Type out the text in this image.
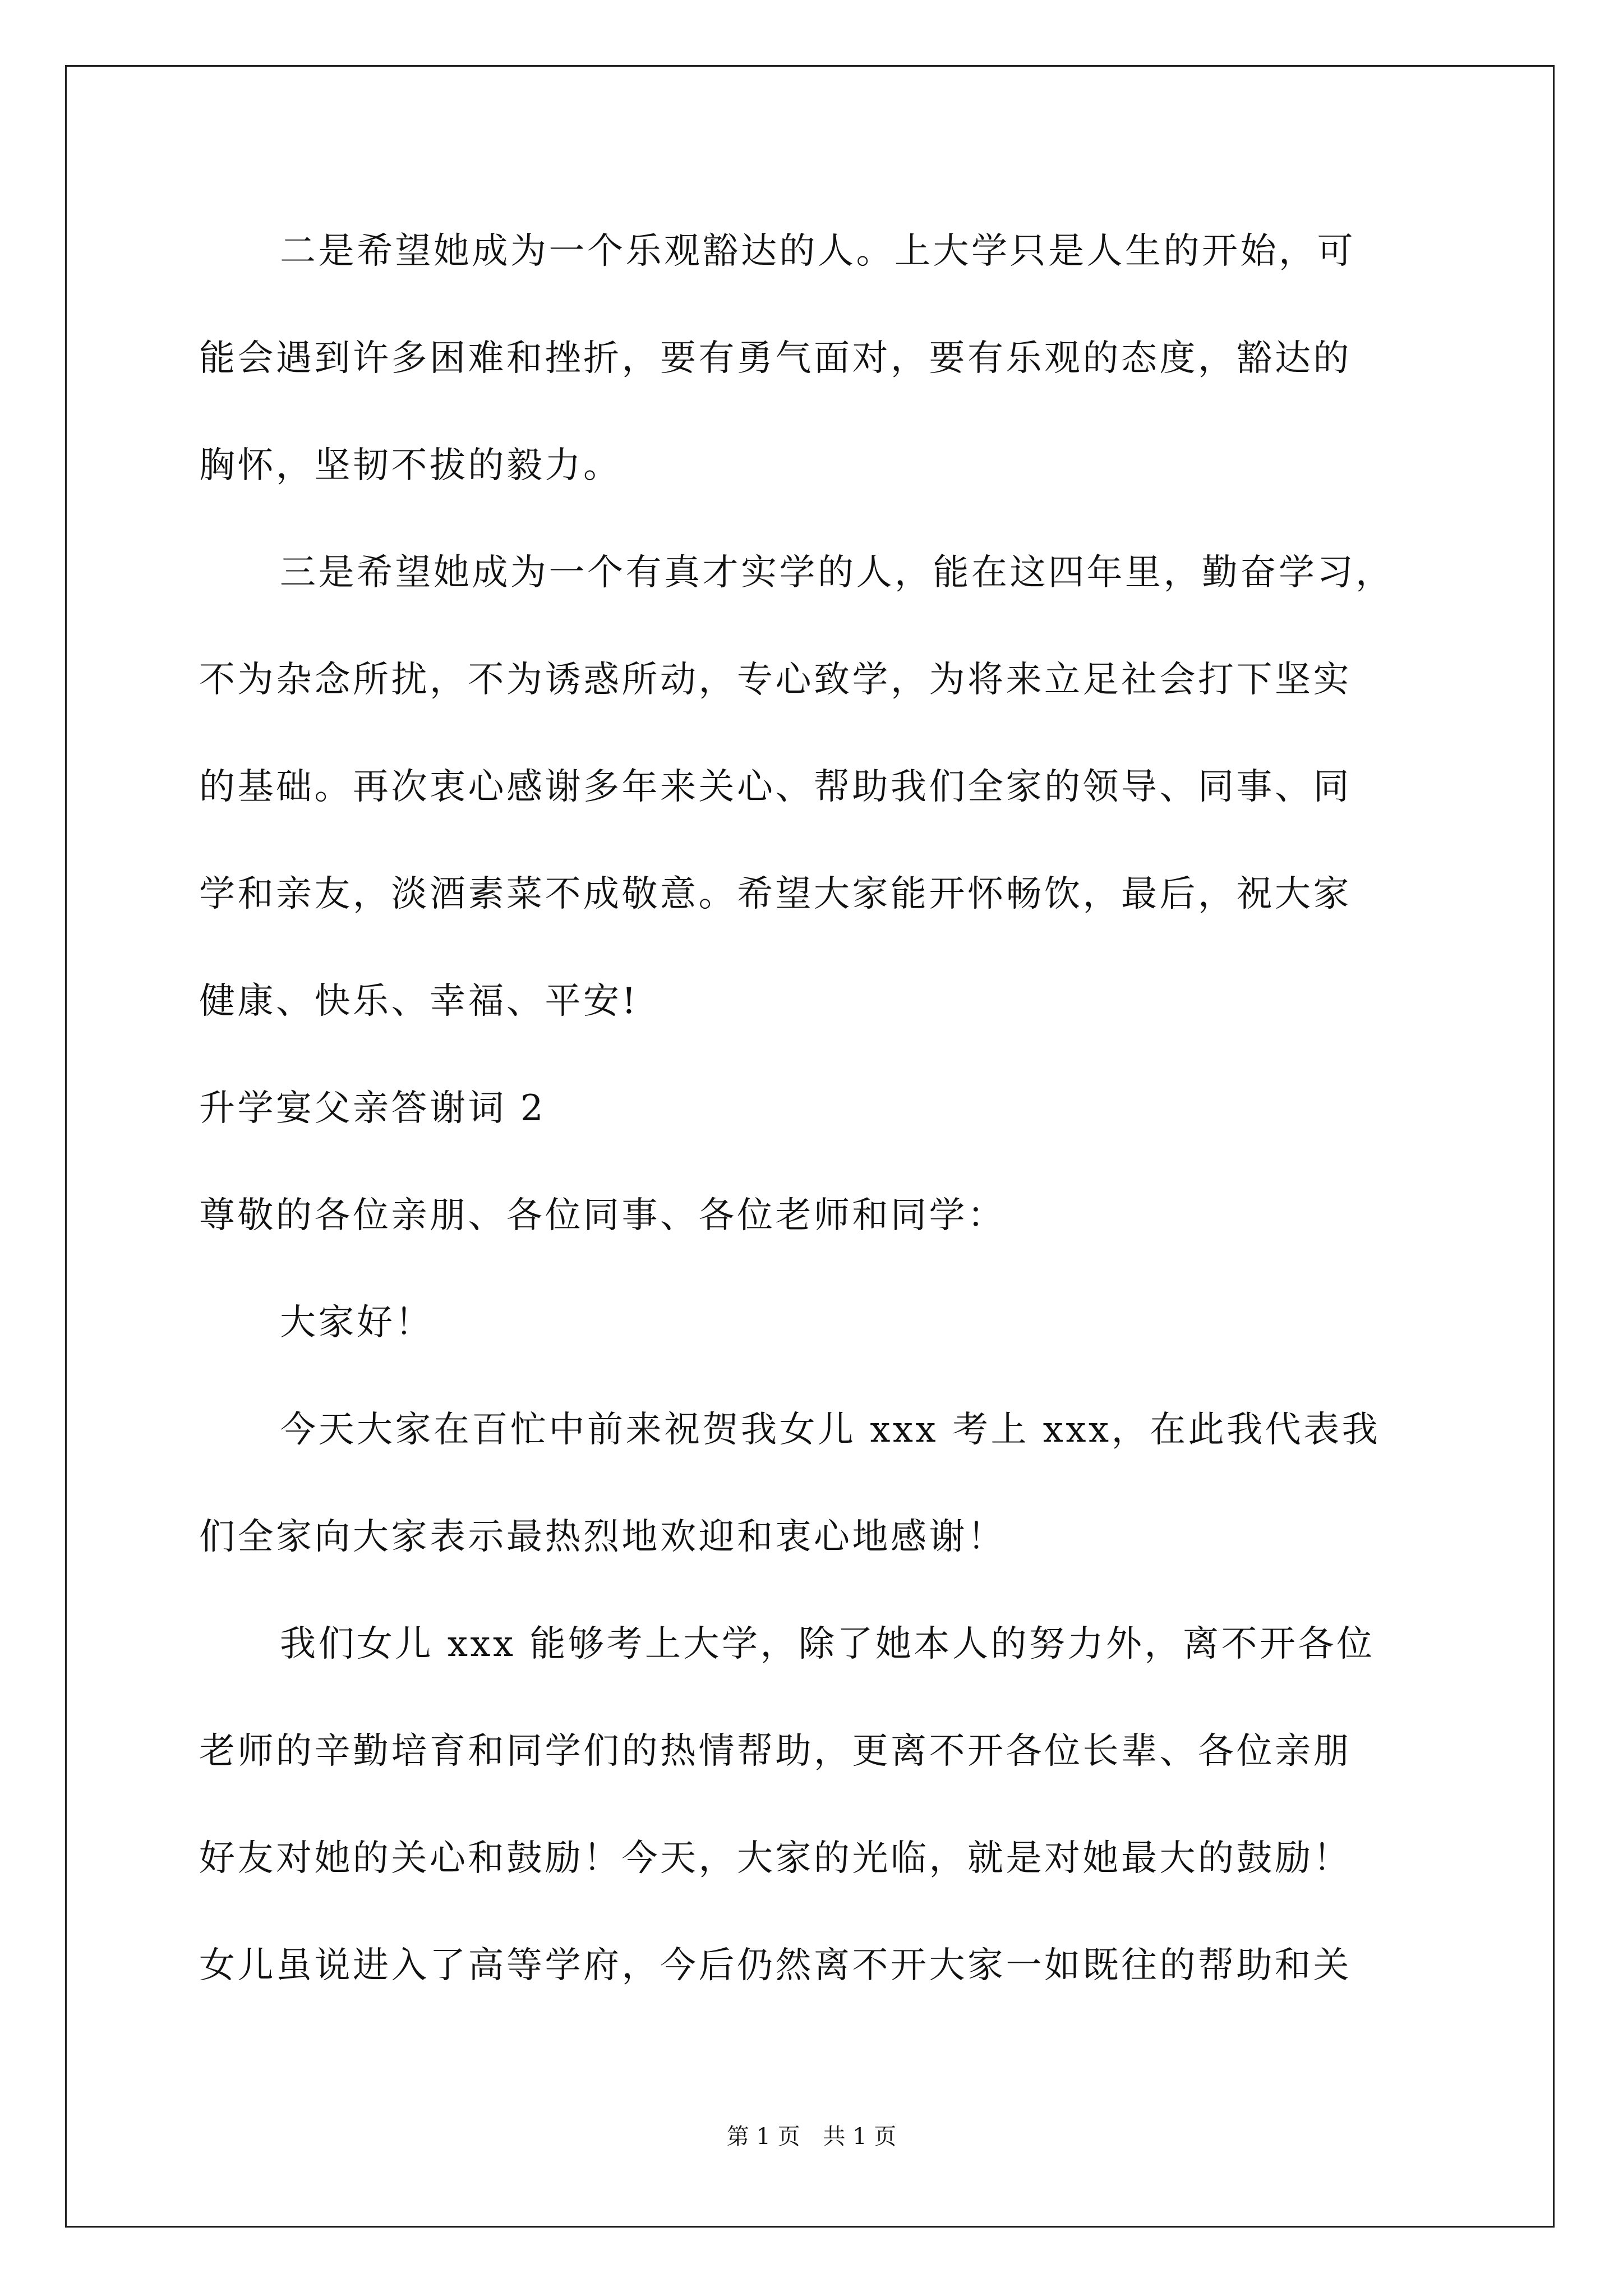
二是希望她成为一个乐观豁达的人。上大学只是人生的开始，可
能会遇到许多困难和挫折，要有勇气面对，要有乐观的态度，豁达的
胸怀，坚韧不拔的毅力。
三是希望她成为一个有真才实学的人，能在这四年里，勤奋学习，
不为杂念所扰，不为诱惑所动，专心致学，为将来立足社会打下坚实
的基础。再次衷心感谢多年来关心、帮助我们全家的领导、同事、同
学和亲友，淡酒素菜不成敬意。希望大家能开怀畅饮，最后，祝大家
健康、快乐、幸福、平安!
升学宴父亲答谢词 2
尊敬的各位亲朋、各位同事、各位老师和同学：
大家好！
今天大家在百忙中前来祝贺我女儿 xxx 考上 xxx，在此我代表我
们全家向大家表示最热烈地欢迎和衷心地感谢！
我们女儿 xxx 能够考上大学，除了她本人的努力外，离不开各位
老师的辛勤培育和同学们的热情帮助，更离不开各位长辈、各位亲朋
好友对她的关心和鼓励！今天，大家的光临，就是对她最大的鼓励！
女儿虽说进入了高等学府，今后仍然离不开大家一如既往的帮助和关
第 1 页 共 1 页
